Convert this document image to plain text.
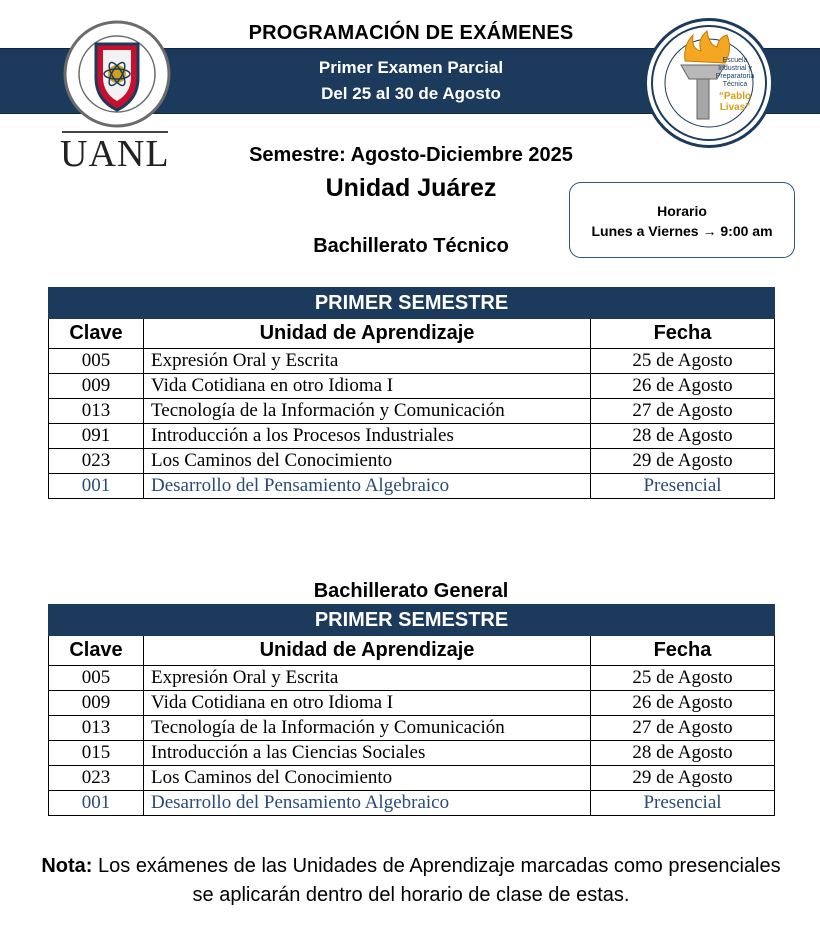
PROGRAMACIÓN DE EXÁMENES
Primer Examen Parcial
Del 25 al 30 de Agosto
UANL
Escuela Industrial y Preparatoria Técnica
“Pablo Livas”
Semestre: Agosto-Diciembre 2025
Unidad Juárez
Horario
Lunes a Viernes → 9:00 am
Bachillerato Técnico
PRIMER SEMESTRE		
Clave	Unidad de Aprendizaje	Fecha
005	Expresión Oral y Escrita	25 de Agosto
009	Vida Cotidiana en otro Idioma I	26 de Agosto
013	Tecnología de la Información y Comunicación	27 de Agosto
091	Introducción a los Procesos Industriales	28 de Agosto
023	Los Caminos del Conocimiento	29 de Agosto
001	Desarrollo del Pensamiento Algebraico	Presencial
Bachillerato General
PRIMER SEMESTRE		
Clave	Unidad de Aprendizaje	Fecha
005	Expresión Oral y Escrita	25 de Agosto
009	Vida Cotidiana en otro Idioma I	26 de Agosto
013	Tecnología de la Información y Comunicación	27 de Agosto
015	Introducción a las Ciencias Sociales	28 de Agosto
023	Los Caminos del Conocimiento	29 de Agosto
001	Desarrollo del Pensamiento Algebraico	Presencial
Nota: Los exámenes de las Unidades de Aprendizaje marcadas como presenciales se aplicarán dentro del horario de clase de estas.
